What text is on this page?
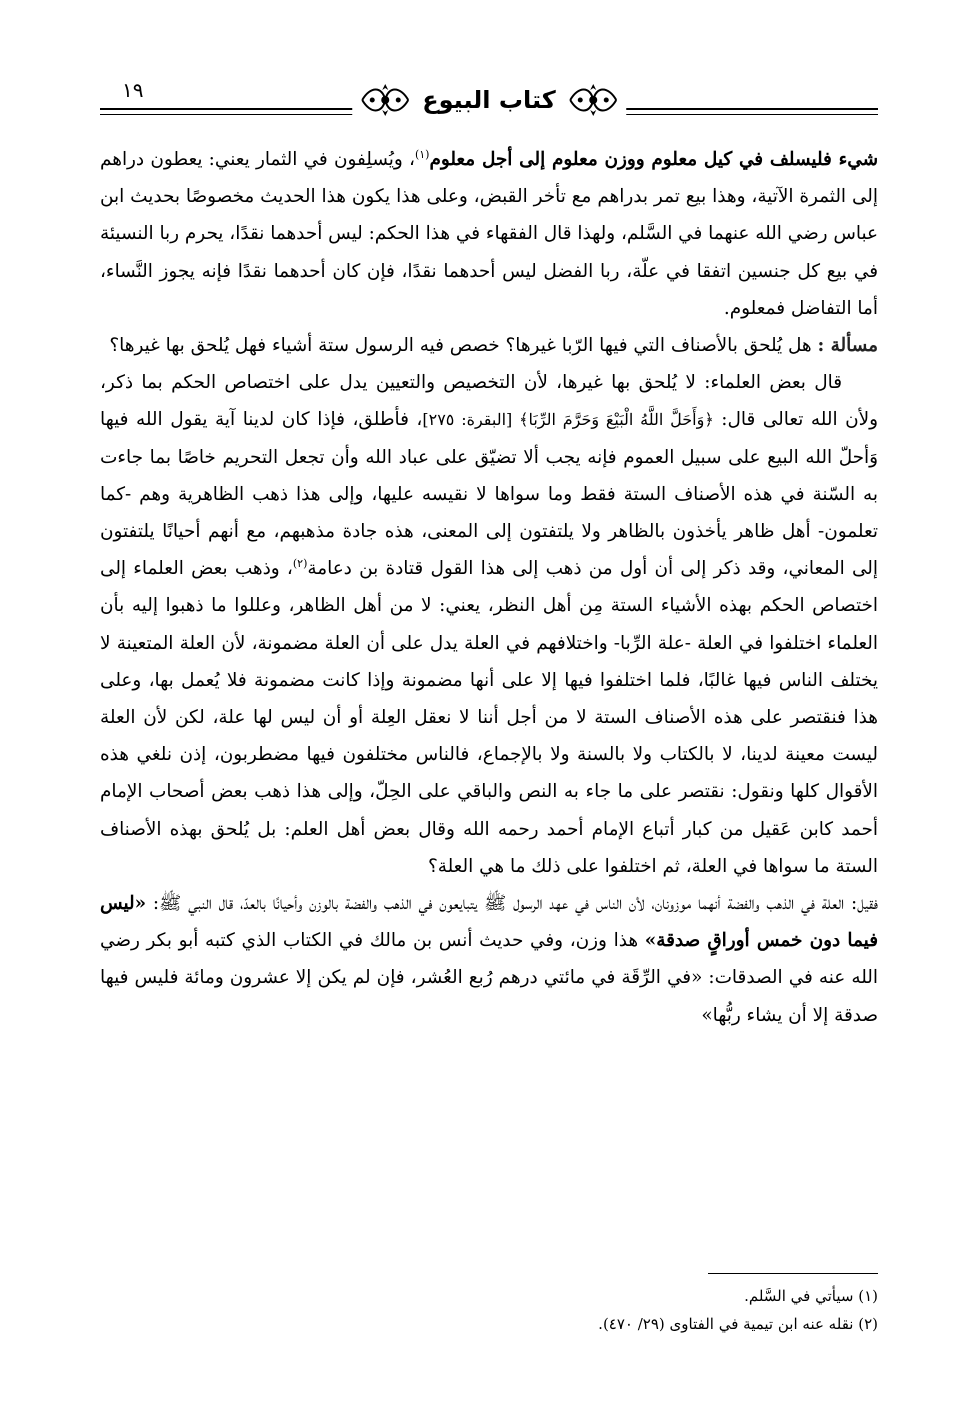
١٩	كتاب البيوع

شيء فليسلف في كيل معلوم ووزن معلوم إلى أجل معلوم$^{(١)}$، ويُسلِفون في الثمار يعني: يعطون دراهم إلى الثمرة الآتية، وهذا بيع تمر بدراهم مع تأخر القبض، وعلى هذا يكون هذا الحديث مخصوصًا بحديث ابن عباس رضي الله عنهما في السَّلم، ولهذا قال الفقهاء في هذا الحكم: ليس أحدهما نقدًا، يحرم ربا النسيئة في بيع كل جنسين اتفقا في علّة، ربا الفضل ليس أحدهما نقدًا، فإن كان أحدهما نقدًا فإنه يجوز النَّساء، أما التفاضل فمعلوم.

مسألة : هل يُلحق بالأصناف التي فيها الرّبا غيرها؟ خصص فيه الرسول ستة أشياء فهل يُلحق بها غيرها؟

قال بعض العلماء: لا يُلحق بها غيرها، لأن التخصيص والتعيين يدل على اختصاص الحكم بما ذكر، ولأن الله تعالى قال: ﴿وَأَحَلَّ اللَّهُ الْبَيْعَ وَحَرَّمَ الرِّبَا﴾ [البقرة: ٢٧٥]، فأطلق، فإذا كان لدينا آية يقول الله فيها وَأحلّ الله البيع على سبيل العموم فإنه يجب ألا تضيّق على عباد الله وأن تجعل التحريم خاصًا بما جاءت به السّنة في هذه الأصناف الستة فقط وما سواها لا نقيسه عليها، وإلى هذا ذهب الظاهرية وهم -كما تعلمون- أهل ظاهر يأخذون بالظاهر ولا يلتفتون إلى المعنى، هذه جادة مذهبهم، مع أنهم أحيانًا يلتفتون إلى المعاني، وقد ذكر إلى أن أول من ذهب إلى هذا القول قتادة بن دعامة$^{(٢)}$، وذهب بعض العلماء إلى اختصاص الحكم بهذه الأشياء الستة مِن أهل النظر، يعني: لا من أهل الظاهر، وعللوا ما ذهبوا إليه بأن العلماء اختلفوا في العلة -علة الرِّبا- واختلافهم في العلة يدل على أن العلة مضمونة، لأن العلة المتعينة لا يختلف الناس فيها غالبًا، فلما اختلفوا فيها إلا على أنها مضمونة وإذا كانت مضمونة فلا يُعمل بها، وعلى هذا فنقتصر على هذه الأصناف الستة لا من أجل أننا لا نعقل العِلة أو أن ليس لها علة، لكن لأن العلة ليست معينة لدينا، لا بالكتاب ولا بالسنة ولا بالإجماع، فالناس مختلفون فيها مضطربون، إذن نلغي هذه الأقوال كلها ونقول: نقتصر على ما جاء به النص والباقي على الحِلّ، وإلى هذا ذهب بعض أصحاب الإمام أحمد كابن عَقيل من كبار أتباع الإمام أحمد رحمه الله وقال بعض أهل العلم: بل يُلحق بهذه الأصناف الستة ما سواها في العلة، ثم اختلفوا على ذلك ما هي العلة؟

فقيل: العلة في الذهب والفضة أنهما موزونان، لأن الناس في عهد الرسول ﷺ يتبايعون في الذهب والفضة بالوزن وأحيانًا بالعدّ، قال النبي ﷺ: «ليس فيما دون خمس أوراقٍ صدقة» هذا وزن، وفي حديث أنس بن مالك في الكتاب الذي كتبه أبو بكر رضي الله عنه في الصدقات: «في الرِّقَة في مائتي درهم رُبع العُشر، فإن لم يكن إلا عشرون ومائة فليس فيها صدقة إلا أن يشاء ربُّها»

(١) سيأتي في السَّلم.
(٢) نقله عنه ابن تيمية في الفتاوى (٢٩/ ٤٧٠).
